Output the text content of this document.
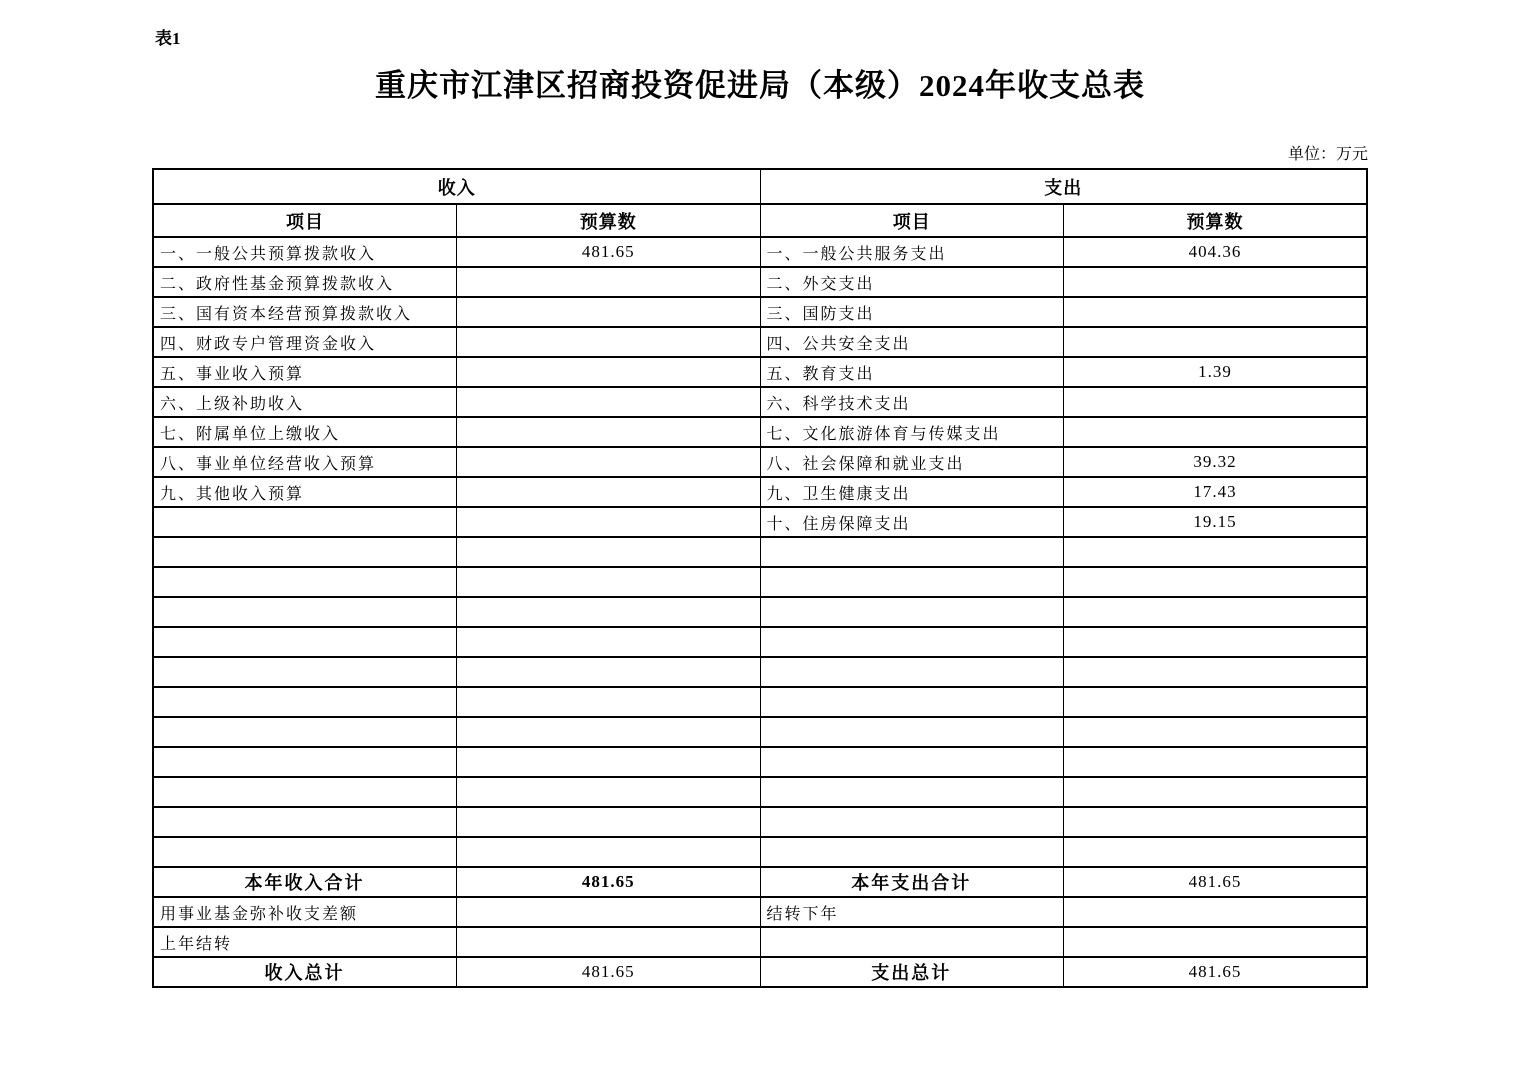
表1
重庆市江津区招商投资促进局（本级）2024年收支总表
单位：万元
收入		支出	
项目	预算数	项目	预算数
一、一般公共预算拨款收入	481.65	一、一般公共服务支出	404.36
二、政府性基金预算拨款收入		二、外交支出	
三、国有资本经营预算拨款收入		三、国防支出	
四、财政专户管理资金收入		四、公共安全支出	
五、事业收入预算		五、教育支出	1.39
六、上级补助收入		六、科学技术支出	
七、附属单位上缴收入		七、文化旅游体育与传媒支出	
八、事业单位经营收入预算		八、社会保障和就业支出	39.32
九、其他收入预算		九、卫生健康支出	17.43
		十、住房保障支出	19.15

本年收入合计	481.65	本年支出合计	481.65
用事业基金弥补收支差额		结转下年	
上年结转			
收入总计	481.65	支出总计	481.65
